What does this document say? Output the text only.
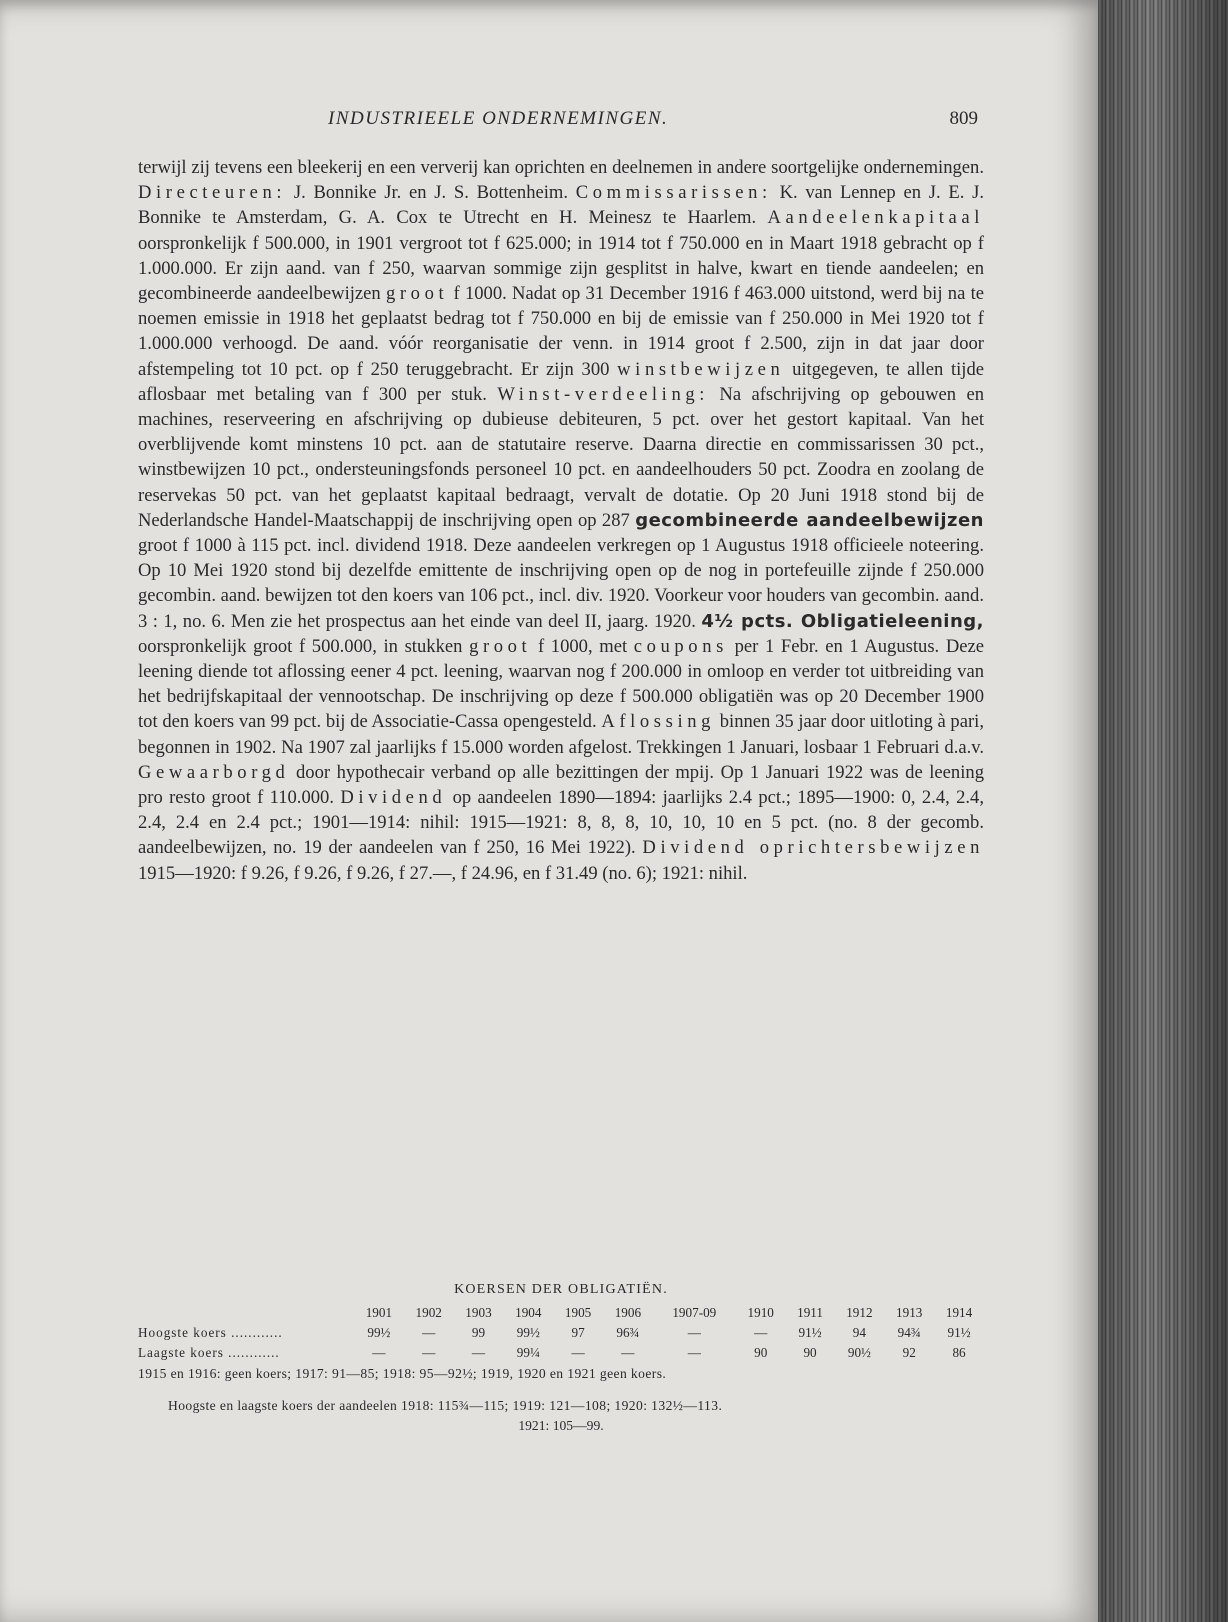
INDUSTRIEELE ONDERNEMINGEN.	809

terwijl zij tevens een bleekerij en een ververij kan oprichten en deelnemen in andere soortgelijke ondernemingen. Directeuren: J. Bonnike Jr. en J. S. Bottenheim. Commissarissen: K. van Lennep en J. E. J. Bonnike te Amsterdam, G. A. Cox te Utrecht en H. Meinesz te Haarlem. Aandeelenkapitaal oorspronkelijk f 500.000, in 1901 vergroot tot f 625.000; in 1914 tot f 750.000 en in Maart 1918 gebracht op f 1.000.000. Er zijn aand. van f 250, waarvan sommige zijn gesplitst in halve, kwart en tiende aandeelen; en gecombineerde aandeelbewijzen groot f 1000. Nadat op 31 December 1916 f 463.000 uitstond, werd bij na te noemen emissie in 1918 het geplaatst bedrag tot f 750.000 en bij de emissie van f 250.000 in Mei 1920 tot f 1.000.000 verhoogd. De aand. vóór reorganisatie der venn. in 1914 groot f 2.500, zijn in dat jaar door afstempeling tot 10 pct. op f 250 teruggebracht. Er zijn 300 winstbewijzen uitgegeven, te allen tijde aflosbaar met betaling van f 300 per stuk. Winst-verdeeling: Na afschrijving op gebouwen en machines, reserveering en afschrijving op dubieuse debiteuren, 5 pct. over het gestort kapitaal. Van het overblijvende komt minstens 10 pct. aan de statutaire reserve. Daarna directie en commissarissen 30 pct., winstbewijzen 10 pct., ondersteuningsfonds personeel 10 pct. en aandeelhouders 50 pct. Zoodra en zoolang de reservekas 50 pct. van het geplaatst kapitaal bedraagt, vervalt de dotatie. Op 20 Juni 1918 stond bij de Nederlandsche Handel-Maatschappij de inschrijving open op 287 gecombineerde aandeelbewijzen groot f 1000 à 115 pct. incl. dividend 1918. Deze aandeelen verkregen op 1 Augustus 1918 officieele noteering. Op 10 Mei 1920 stond bij dezelfde emittente de inschrijving open op de nog in portefeuille zijnde f 250.000 gecombin. aand. bewijzen tot den koers van 106 pct., incl. div. 1920. Voorkeur voor houders van gecombin. aand. 3 : 1, no. 6. Men zie het prospectus aan het einde van deel II, jaarg. 1920. 4½ pcts. Obligatieleening, oorspronkelijk groot f 500.000, in stukken groot f 1000, met coupons per 1 Febr. en 1 Augustus. Deze leening diende tot aflossing eener 4 pct. leening, waarvan nog f 200.000 in omloop en verder tot uitbreiding van het bedrijfskapitaal der vennootschap. De inschrijving op deze f 500.000 obligatiën was op 20 December 1900 tot den koers van 99 pct. bij de Associatie-Cassa opengesteld. Aflossing binnen 35 jaar door uitloting à pari, begonnen in 1902. Na 1907 zal jaarlijks f 15.000 worden afgelost. Trekkingen 1 Januari, losbaar 1 Februari d.a.v. Gewaarborgd door hypothecair verband op alle bezittingen der mpij. Op 1 Januari 1922 was de leening pro resto groot f 110.000. Dividend op aandeelen 1890—1894: jaarlijks 2.4 pct.; 1895—1900: 0, 2.4, 2.4, 2.4, 2.4 en 2.4 pct.; 1901—1914: nihil: 1915—1921: 8, 8, 8, 10, 10, 10 en 5 pct. (no. 8 der gecomb. aandeelbewijzen, no. 19 der aandeelen van f 250, 16 Mei 1922). Dividend oprichtersbewijzen 1915—1920: f 9.26, f 9.26, f 9.26, f 27.—, f 24.96, en f 31.49 (no. 6); 1921: nihil.

KOERSEN DER OBLIGATIËN.
	1901	1902	1903	1904	1905	1906	1907-09	1910	1911	1912	1913	1914
Hoogste koers ............	99½	—	99	99½	97	96¾	—	—	91½	94	94¾	91½
Laagste koers ............	—	—	—	99¼	—	—	—	90	90	90½	92	86
1915 en 1916: geen koers; 1917: 91—85; 1918: 95—92½; 1919, 1920 en 1921 geen koers.
Hoogste en laagste koers der aandeelen 1918: 115¾—115; 1919: 121—108; 1920: 132½—113.
1921: 105—99.
